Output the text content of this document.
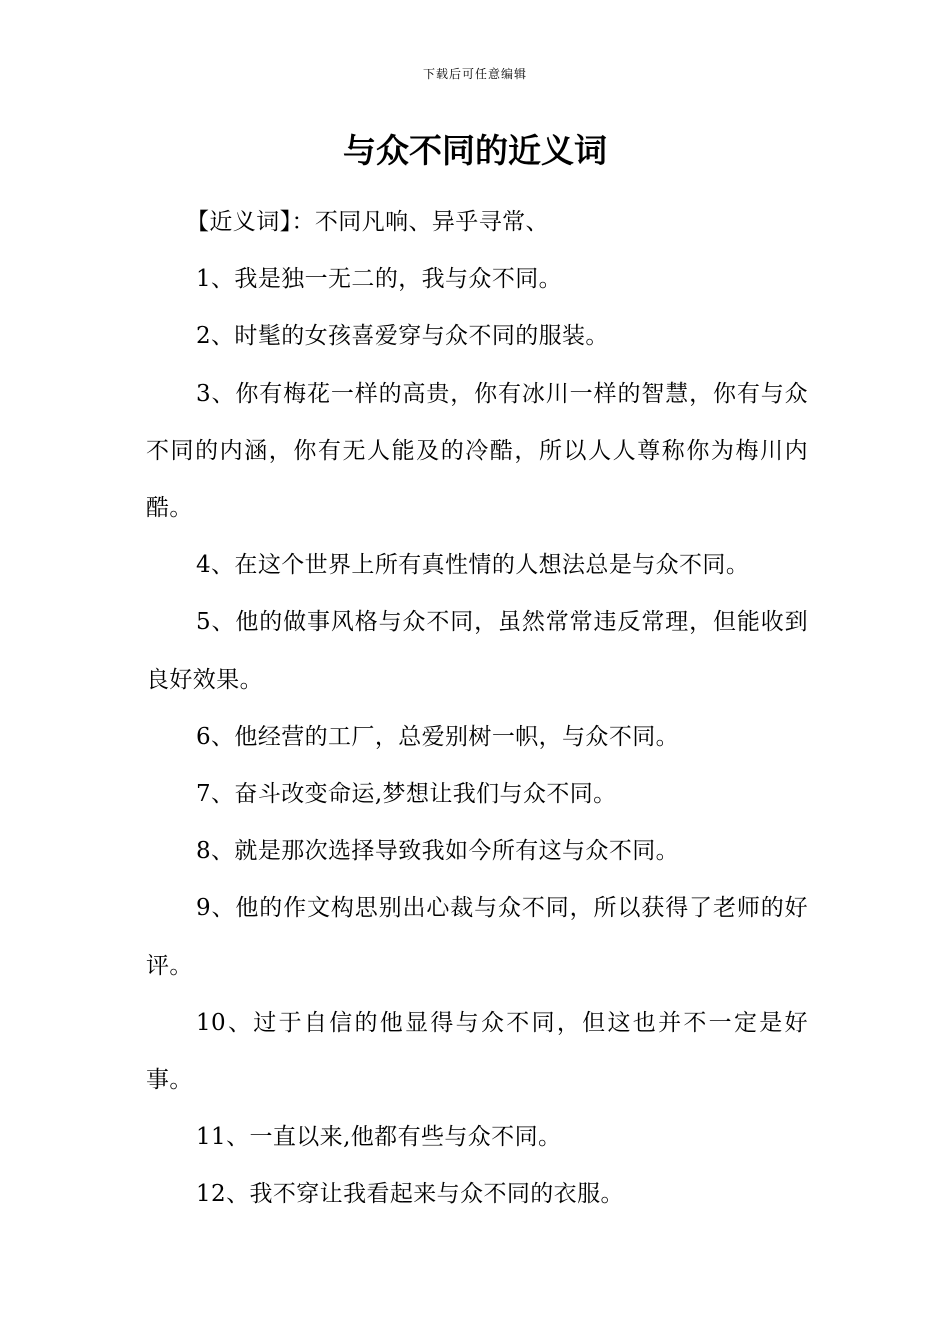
下载后可任意编辑
与众不同的近义词

【近义词】：不同凡响、异乎寻常、

1、我是独一无二的，我与众不同。

2、时髦的女孩喜爱穿与众不同的服装。

3、你有梅花一样的高贵，你有冰川一样的智慧，你有与众不同的内涵，你有无人能及的冷酷，所以人人尊称你为梅川内酷。

4、在这个世界上所有真性情的人想法总是与众不同。

5、他的做事风格与众不同，虽然常常违反常理，但能收到良好效果。

6、他经营的工厂，总爱别树一帜，与众不同。

7、奋斗改变命运,梦想让我们与众不同。

8、就是那次选择导致我如今所有这与众不同。

9、他的作文构思别出心裁与众不同，所以获得了老师的好评。

10、过于自信的他显得与众不同，但这也并不一定是好事。

11、一直以来,他都有些与众不同。

12、我不穿让我看起来与众不同的衣服。
